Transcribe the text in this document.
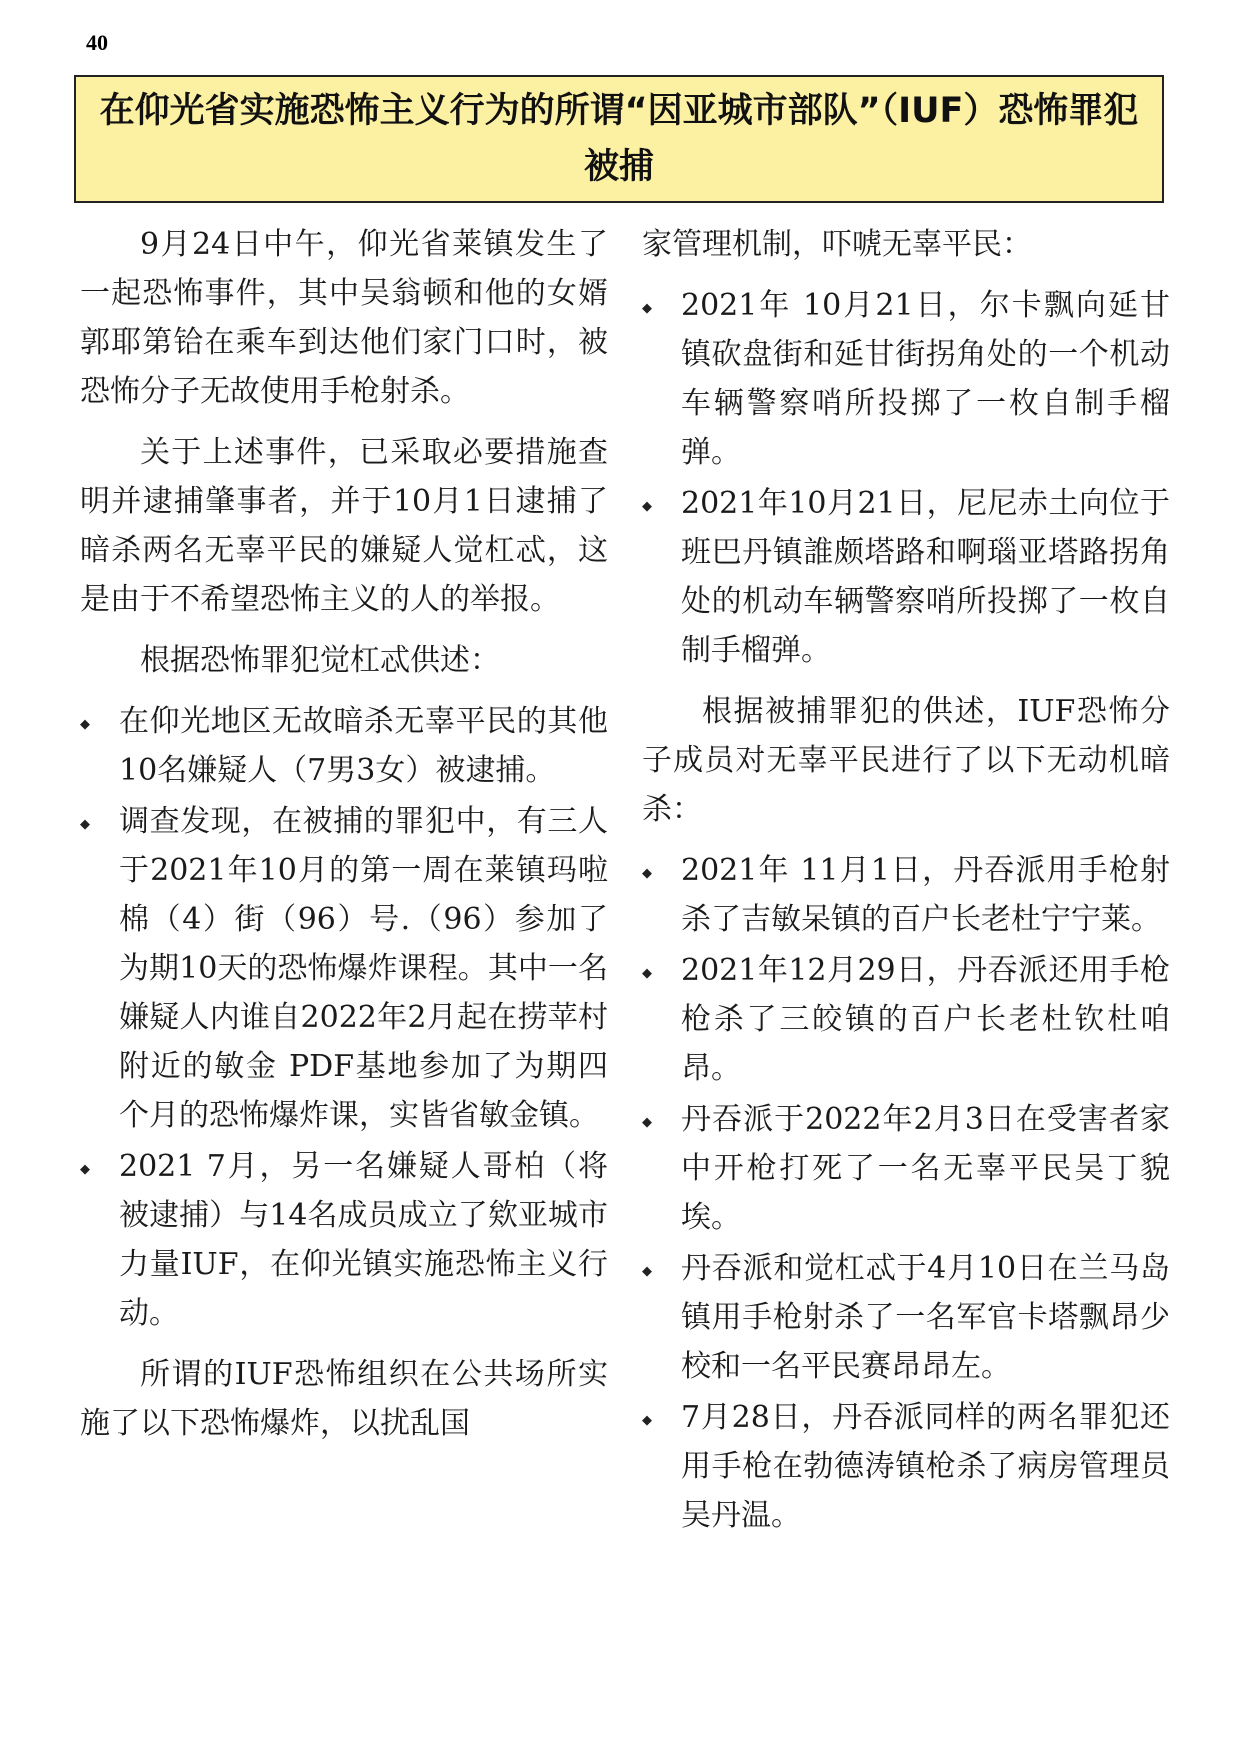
40
在仰光省实施恐怖主义行为的所谓“因亚城市部队”（IUF）恐怖罪犯被捕

9月24日中午，仰光省莱镇发生了一起恐怖事件，其中吴翁顿和他的女婿郭耶第铪在乘车到达他们家门口时，被恐怖分子无故使用手枪射杀。

关于上述事件，已采取必要措施查明并逮捕肇事者，并于10月1日逮捕了暗杀两名无辜平民的嫌疑人觉杠忒，这是由于不希望恐怖主义的人的举报。

根据恐怖罪犯觉杠忒供述：

◆ 在仰光地区无故暗杀无辜平民的其他10名嫌疑人（7男3女）被逮捕。
◆ 调查发现，在被捕的罪犯中，有三人于2021年10月的第一周在莱镇玛啦棉（4）街（96）号.（96）参加了为期10天的恐怖爆炸课程。其中一名嫌疑人内谁自2022年2月起在捞苹村附近的敏金 PDF基地参加了为期四个月的恐怖爆炸课，实皆省敏金镇。
◆ 2021 7月，另一名嫌疑人哥柏（将被逮捕）与14名成员成立了欸亚城市力量IUF，在仰光镇实施恐怖主义行动。

所谓的IUF恐怖组织在公共场所实施了以下恐怖爆炸，以扰乱国

家管理机制，吓唬无辜平民：

◆ 2021年 10月21日，尔卡飘向延甘镇砍盘街和延甘街拐角处的一个机动车辆警察哨所投掷了一枚自制手榴弹。
◆ 2021年10月21日，尼尼赤土向位于班巴丹镇誰颇塔路和啊瑙亚塔路拐角处的机动车辆警察哨所投掷了一枚自制手榴弹。

根据被捕罪犯的供述，IUF恐怖分子成员对无辜平民进行了以下无动机暗杀：

◆ 2021年 11月1日，丹吞派用手枪射杀了吉敏呆镇的百户长老杜宁宁莱。
◆ 2021年12月29日，丹吞派还用手枪枪杀了三皎镇的百户长老杜钦杜咱昂。
◆ 丹吞派于2022年2月3日在受害者家中开枪打死了一名无辜平民吴丁貌埃。
◆ 丹吞派和觉杠忒于4月10日在兰马岛镇用手枪射杀了一名军官卡塔飘昂少校和一名平民赛昂昂左。
◆ 7月28日，丹吞派同样的两名罪犯还用手枪在勃德涛镇枪杀了病房管理员吴丹温。
